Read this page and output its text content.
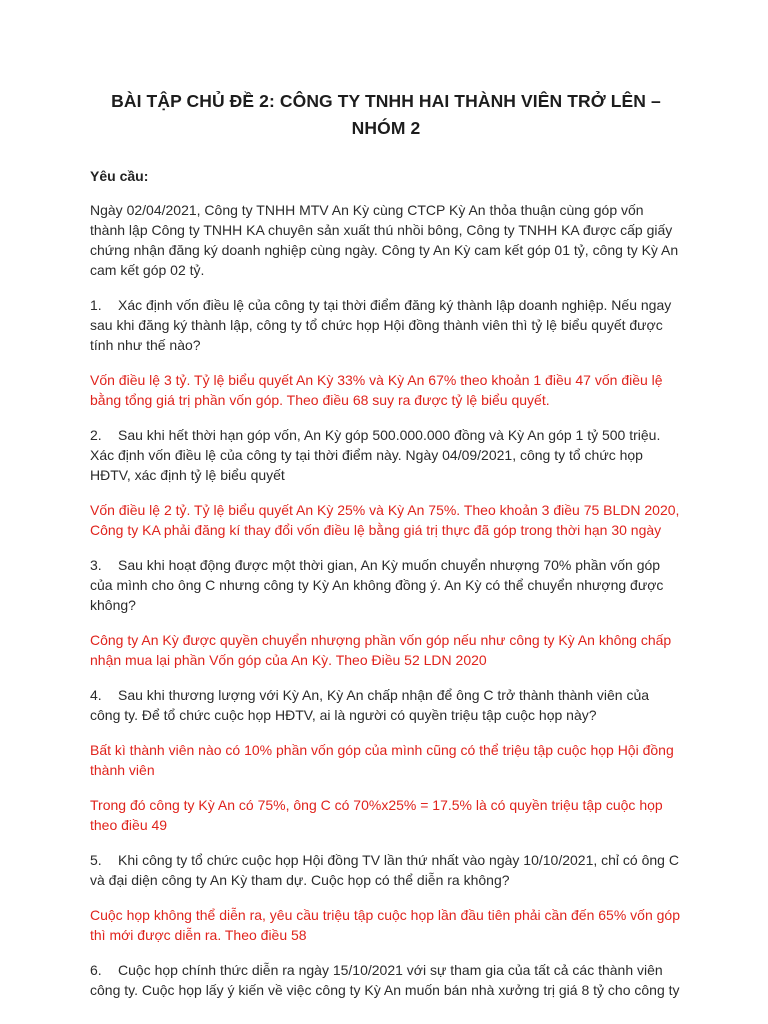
BÀI TẬP CHỦ ĐỀ 2: CÔNG TY TNHH HAI THÀNH VIÊN TRỞ LÊN –
NHÓM 2
Yêu cầu:

Ngày 02/04/2021, Công ty TNHH MTV An Kỳ cùng CTCP Kỳ An thỏa thuận cùng góp vốn thành lập Công ty TNHH KA chuyên sản xuất thú nhồi bông, Công ty TNHH KA được cấp giấy chứng nhận đăng ký doanh nghiệp cùng ngày. Công ty An Kỳ cam kết góp 01 tỷ, công ty Kỳ An cam kết góp 02 tỷ.

1. Xác định vốn điều lệ của công ty tại thời điểm đăng ký thành lập doanh nghiệp. Nếu ngay sau khi đăng ký thành lập, công ty tổ chức họp Hội đồng thành viên thì tỷ lệ biểu quyết được tính như thế nào?

Vốn điều lệ 3 tỷ. Tỷ lệ biểu quyết An Kỳ 33% và Kỳ An 67% theo khoản 1 điều 47 vốn điều lệ bằng tổng giá trị phần vốn góp. Theo điều 68 suy ra được tỷ lệ biểu quyết.

2. Sau khi hết thời hạn góp vốn, An Kỳ góp 500.000.000 đồng và Kỳ An góp 1 tỷ 500 triệu. Xác định vốn điều lệ của công ty tại thời điểm này. Ngày 04/09/2021, công ty tổ chức họp HĐTV, xác định tỷ lệ biểu quyết

Vốn điều lệ 2 tỷ. Tỷ lệ biểu quyết An Kỳ 25% và Kỳ An 75%. Theo khoản 3 điều 75 BLDN 2020, Công ty KA phải đăng kí thay đổi vốn điều lệ bằng giá trị thực đã góp trong thời hạn 30 ngày

3. Sau khi hoạt động được một thời gian, An Kỳ muốn chuyển nhượng 70% phần vốn góp của mình cho ông C nhưng công ty Kỳ An không đồng ý. An Kỳ có thể chuyển nhượng được không?

Công ty An Kỳ được quyền chuyển nhượng phần vốn góp nếu như công ty Kỳ An không chấp nhận mua lại phần Vốn góp của An Kỳ. Theo Điều 52 LDN 2020

4. Sau khi thương lượng với Kỳ An, Kỳ An chấp nhận để ông C trở thành thành viên của công ty. Để tổ chức cuộc họp HĐTV, ai là người có quyền triệu tập cuộc họp này?

Bất kì thành viên nào có 10% phần vốn góp của mình cũng có thể triệu tập cuộc họp Hội đồng thành viên

Trong đó công ty Kỳ An có 75%, ông C có 70%x25% = 17.5% là có quyền triệu tập cuộc họp theo điều 49

5. Khi công ty tổ chức cuộc họp Hội đồng TV lần thứ nhất vào ngày 10/10/2021, chỉ có ông C và đại diện công ty An Kỳ tham dự. Cuộc họp có thể diễn ra không?

Cuộc họp không thể diễn ra, yêu cầu triệu tập cuộc họp lần đầu tiên phải cần đến 65% vốn góp thì mới được diễn ra. Theo điều 58

6. Cuộc họp chính thức diễn ra ngày 15/10/2021 với sự tham gia của tất cả các thành viên công ty. Cuộc họp lấy ý kiến về việc công ty Kỳ An muốn bán nhà xưởng trị giá 8 tỷ cho công ty
